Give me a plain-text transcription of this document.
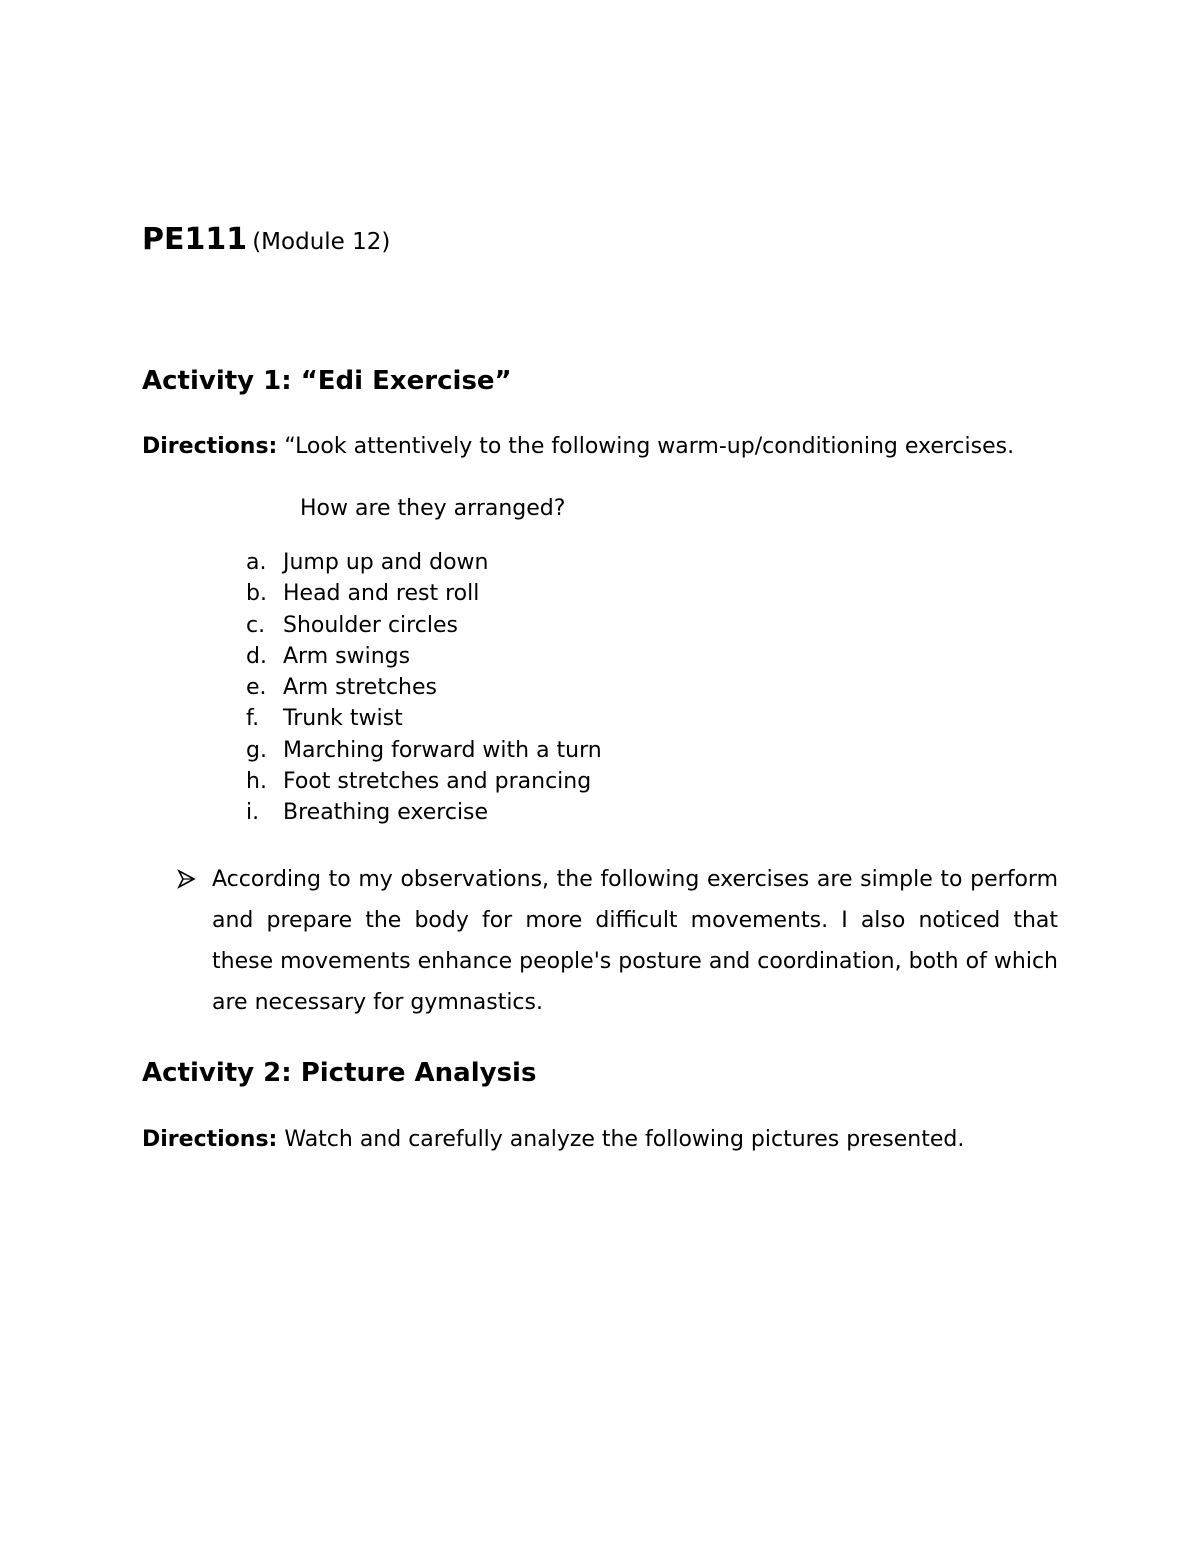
PE111 (Module 12)
Activity 1: “Edi Exercise”
Directions: “Look attentively to the following warm-up/conditioning exercises.
How are they arranged?
a. Jump up and down
b. Head and rest roll
c. Shoulder circles
d. Arm swings
e. Arm stretches
f. Trunk twist
g. Marching forward with a turn
h. Foot stretches and prancing
i. Breathing exercise
According to my observations, the following exercises are simple to perform and prepare the body for more difficult movements. I also noticed that these movements enhance people's posture and coordination, both of which are necessary for gymnastics.
Activity 2: Picture Analysis
Directions: Watch and carefully analyze the following pictures presented.
